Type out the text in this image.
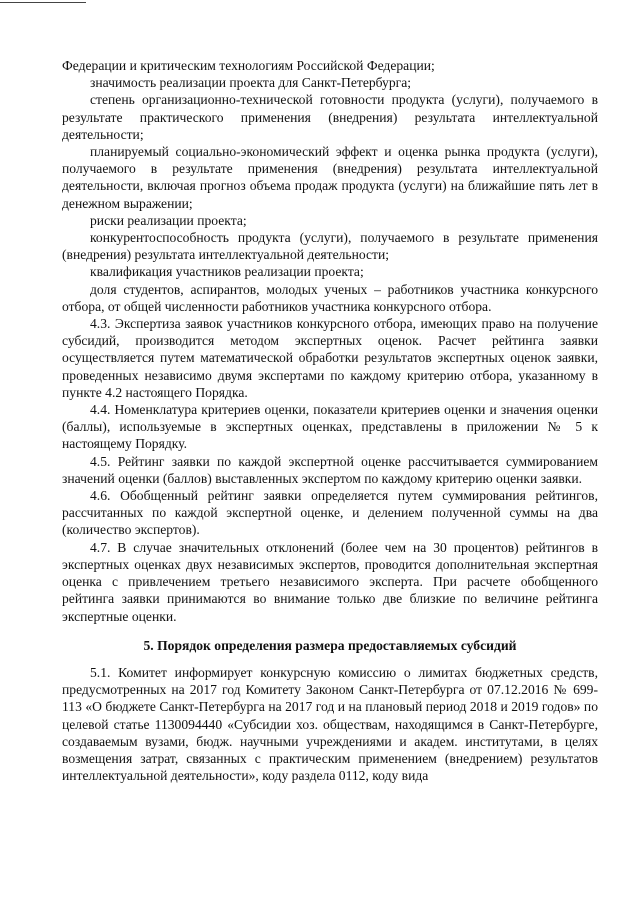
Федерации и критическим технологиям Российской Федерации;

значимость реализации проекта для Санкт-Петербурга;

степень организационно-технической готовности продукта (услуги), получаемого в результате практического применения (внедрения) результата интеллектуальной деятельности;

планируемый социально-экономический эффект и оценка рынка продукта (услуги), получаемого в результате применения (внедрения) результата интеллектуальной деятельности, включая прогноз объема продаж продукта (услуги) на ближайшие пять лет в денежном выражении;

риски реализации проекта;

конкурентоспособность продукта (услуги), получаемого в результате применения (внедрения) результата интеллектуальной деятельности;

квалификация участников реализации проекта;

доля студентов, аспирантов, молодых ученых – работников участника конкурсного отбора, от общей численности работников участника конкурсного отбора.

4.3. Экспертиза заявок участников конкурсного отбора, имеющих право на получение субсидий, производится методом экспертных оценок. Расчет рейтинга заявки осуществляется путем математической обработки результатов экспертных оценок заявки, проведенных независимо двумя экспертами по каждому критерию отбора, указанному в пункте 4.2 настоящего Порядка.

4.4. Номенклатура критериев оценки, показатели критериев оценки и значения оценки (баллы), используемые в экспертных оценках, представлены в приложении № 5 к настоящему Порядку.

4.5. Рейтинг заявки по каждой экспертной оценке рассчитывается суммированием значений оценки (баллов) выставленных экспертом по каждому критерию оценки заявки.

4.6. Обобщенный рейтинг заявки определяется путем суммирования рейтингов, рассчитанных по каждой экспертной оценке, и делением полученной суммы на два (количество экспертов).

4.7. В случае значительных отклонений (более чем на 30 процентов) рейтингов в экспертных оценках двух независимых экспертов, проводится дополнительная экспертная оценка с привлечением третьего независимого эксперта. При расчете обобщенного рейтинга заявки принимаются во внимание только две близкие по величине рейтинга экспертные оценки.

5. Порядок определения размера предоставляемых субсидий

5.1. Комитет информирует конкурсную комиссию о лимитах бюджетных средств, предусмотренных на 2017 год Комитету Законом Санкт-Петербурга от 07.12.2016 № 699-113 «О бюджете Санкт-Петербурга на 2017 год и на плановый период 2018 и 2019 годов» по целевой статье 1130094440 «Субсидии хоз. обществам, находящимся в Санкт-Петербурге, создаваемым вузами, бюдж. научными учреждениями и академ. институтами, в целях возмещения затрат, связанных с практическим применением (внедрением) результатов интеллектуальной деятельности», коду раздела 0112, коду вида
